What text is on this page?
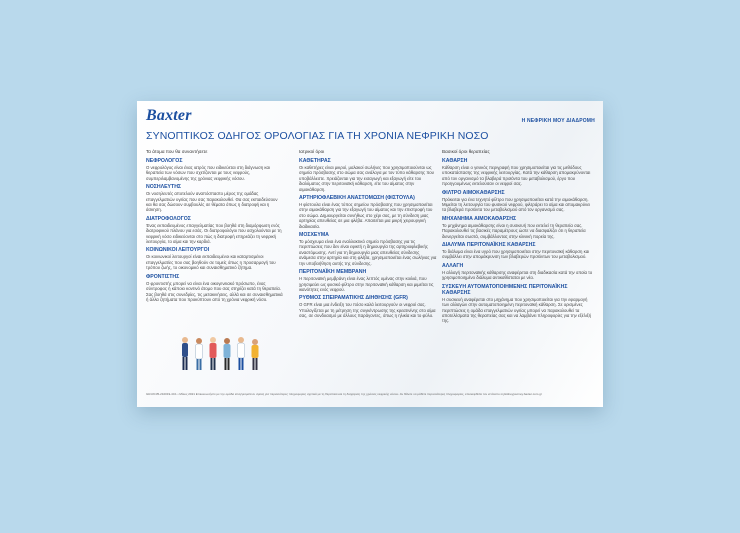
Baxter	Η ΝΕΦΡΙΚΗ ΜΟΥ ΔΙΑΔΡΟΜΗ
ΣΥΝΟΠΤΙΚΟΣ ΟΔΗΓΟΣ ΟΡΟΛΟΓΙΑΣ ΓΙΑ ΤΗ ΧΡΟΝΙΑ ΝΕΦΡΙΚΗ ΝΟΣΟ
Τα άτομα που θα συναντήσετε
ΝΕΦΡΟΛΟΓΟΣ
Ο νεφρολόγος είναι ένας ιατρός που ειδικεύεται στη διάγνωση και θεραπεία των νόσων που σχετίζονται με τους νεφρούς, συμπεριλαμβανομένης της χρόνιας νεφρικής νόσου.
ΝΟΣΗΛΕΥΤΗΣ
Οι νοσηλευτές αποτελούν αναπόσπαστο μέρος της ομάδας επαγγελματιών υγείας που σας παρακολουθεί. Θα σας εκπαιδεύσουν και θα σας δώσουν συμβουλές σε θέματα όπως η διατροφή και η άσκηση.
ΔΙΑΤΡΟΦΟΛΟΓΟΣ
Ένας εκπαιδευμένος επαγγελματίας που βοηθά στη διαμόρφωση ενός διατροφικού πλάνου για εσάς. Οι διατροφολόγοι που ασχολούνται με τη νεφρική νόσο ειδικεύονται στο πώς η διατροφή επηρεάζει τη νεφρική λειτουργία, το αίμα και την καρδιά.
ΚΟΙΝΩΝΙΚΟΙ ΛΕΙΤΟΥΡΓΟΙ
Οι κοινωνικοί λειτουργοί είναι εκπαιδευμένοι και καταρτισμένοι επαγγελματίες που σας βοηθούν σε τομείς όπως η προσαρμογή του τρόπου ζωής, το οικονομικό και συναισθηματικό ζήτημα.
ΦΡΟΝΤΙΣΤΗΣ
Ο φροντιστής μπορεί να είναι ένα οικογενειακό πρόσωπο, ένας σύντροφος ή κάποιο κοντινό άτομο που σας στηρίζει κατά τη θεραπεία. Σας βοηθά στις συνεδρίες, τις μετακινήσεις, αλλά και σε συναισθηματικά ή άλλα ζητήματα που προκύπτουν από τη χρόνια νεφρική νόσο.
Ιατρικοί όροι
ΚΑΘΕΤΗΡΑΣ
Οι καθετήρες είναι μικροί, μαλακοί σωλήνες που χρησιμοποιούνται ως σημεία πρόσβασης στο σώμα σας ανάλογα με τον τύπο κάθαρσης που υποβάλλεστε. Χρειάζονται για την εισαγωγή και εξαγωγή είτε του διαλύματος στην περιτοναϊκή κάθαρση, είτε του αίματος στην αιμοκάθαρση.
ΑΡΤΗΡΙΟΦΛΕΒΙΚΗ ΑΝΑΣΤΟΜΩΣΗ (ΦΙΣΤΟΥΛΑ)
Η φίστουλα είναι ένας τύπος σημείου πρόσβασης που χρησιμοποιείται στην αιμοκάθαρση για την εξαγωγή του αίματος και την επιστροφή του στο σώμα. Δημιουργείται συνήθως στο χέρι σας, με τη σύνδεση μιας αρτηρίας απευθείας σε μια φλέβα. Απαιτείται μια μικρή χειρουργική διαδικασία.
ΜΟΣΧΕΥΜΑ
Το μόσχευμα είναι ένα εναλλακτικό σημείο πρόσβασης για τις περιπτώσεις που δεν είναι εφικτή η δημιουργία της αρτηριοφλεβικής αναστόμωσης. Αντί για τη δημιουργία μιας απευθείας σύνδεσης ανάμεσα στην αρτηρία και στη φλέβα, χρησιμοποιείται ένας σωλήνας για την υποβοήθηση αυτής της σύνδεσης.
ΠΕΡΙΤΟΝΑΪΚΗ ΜΕΜΒΡΑΝΗ
Η περιτοναϊκή μεμβράνη είναι ένας λεπτός υμένας στην κοιλιά, που χρησιμεύει ως φυσικό φίλτρο στην περιτοναϊκή κάθαρση και μιμείται τις ικανότητες ενός νεφρού.
ΡΥΘΜΟΣ ΣΠΕΙΡΑΜΑΤΙΚΗΣ ΔΙΗΘΗΣΗΣ (GFR)
Ο GFR είναι μια ένδειξη του πόσο καλά λειτουργούν οι νεφροί σας. Υπολογίζεται με τη μέτρηση της συγκέντρωσης της κρεατινίνης στο αίμα σας, σε συνδυασμό με άλλους παράγοντες, όπως η ηλικία και το φύλο.
Βασικοί όροι θεραπείας
ΚΑΘΑΡΣΗ
Κάθαρση είναι ο γενικός περιγραφή που χρησιμοποιείται για τις μεθόδους υποκατάστασης της νεφρικής λειτουργίας. Κατά την κάθαρση απομακρύνονται από τον οργανισμό τα βλαβερά προϊόντα του μεταβολισμού, έργο που προηγουμένως εκτελούσαν οι νεφροί σας.
ΦΙΛΤΡΟ ΑΙΜΟΚΑΘΑΡΣΗΣ
Πρόκειται για ένα τεχνητό φίλτρο που χρησιμοποιείται κατά την αιμοκάθαρση. Μιμείται τη λειτουργία του φυσικού νεφρού, φιλτράρει το αίμα και απομακρύνει τα βλαβερά προϊόντα του μεταβολισμού από τον οργανισμό σας.
ΜΗΧΑΝΗΜΑ ΑΙΜΟΚΑΘΑΡΣΗΣ
Το μηχάνημα αιμοκάθαρσης είναι η συσκευή που εκτελεί τη θεραπεία σας. Παρακολουθεί τις βασικές παραμέτρους ώστε να διασφαλίζει ότι η θεραπεία διενεργείται σωστά, συμβάλλοντας στην κλινική πορεία της.
ΔΙΑΛΥΜΑ ΠΕΡΙΤΟΝΑΪΚΗΣ ΚΑΘΑΡΣΗΣ
Το διάλυμα είναι ένα υγρό που χρησιμοποιείται στην περιτοναϊκή κάθαρση και συμβάλλει στην απομάκρυνση των βλαβερών προϊόντων του μεταβολισμού.
ΑΛΛΑΓΗ
Η αλλαγή περιτοναϊκής κάθαρσης αναφέρεται στη διαδικασία κατά την οποία το χρησιμοποιημένο διάλυμα αντικαθίσταται με νέο.
ΣΥΣΚΕΥΗ ΑΥΤΟΜΑΤΟΠΟΙΗΜΕΝΗΣ ΠΕΡΙΤΟΝΑΪΚΗΣ ΚΑΘΑΡΣΗΣ
Η συσκευή αναφέρεται στο μηχάνημα που χρησιμοποιείται για την εφαρμογή των αλλαγών στην αυτοματοποιημένη περιτοναϊκή κάθαρση. Σε ορισμένες περιπτώσεις η ομάδα επαγγελματιών υγείας μπορεί να παρακολουθεί τα αποτελέσματα της θεραπείας σας και να λαμβάνει πληροφορίες για την εξέλιξή της.
GR-RC35-210019-4C1 • Μάιος 2021 Επικοινωνήστε με την ομάδα επαγγελματιών υγείας για περισσότερες πληροφορίες σχετικά με τη θεραπεία και τη διαχείριση της χρόνιας νεφρικής νόσου. Αν θέλετε να μάθετε περισσότερες πληροφορίες, επισκεφθείτε τον ιστότοπο mykidneyjourney.baxter.com.gr
